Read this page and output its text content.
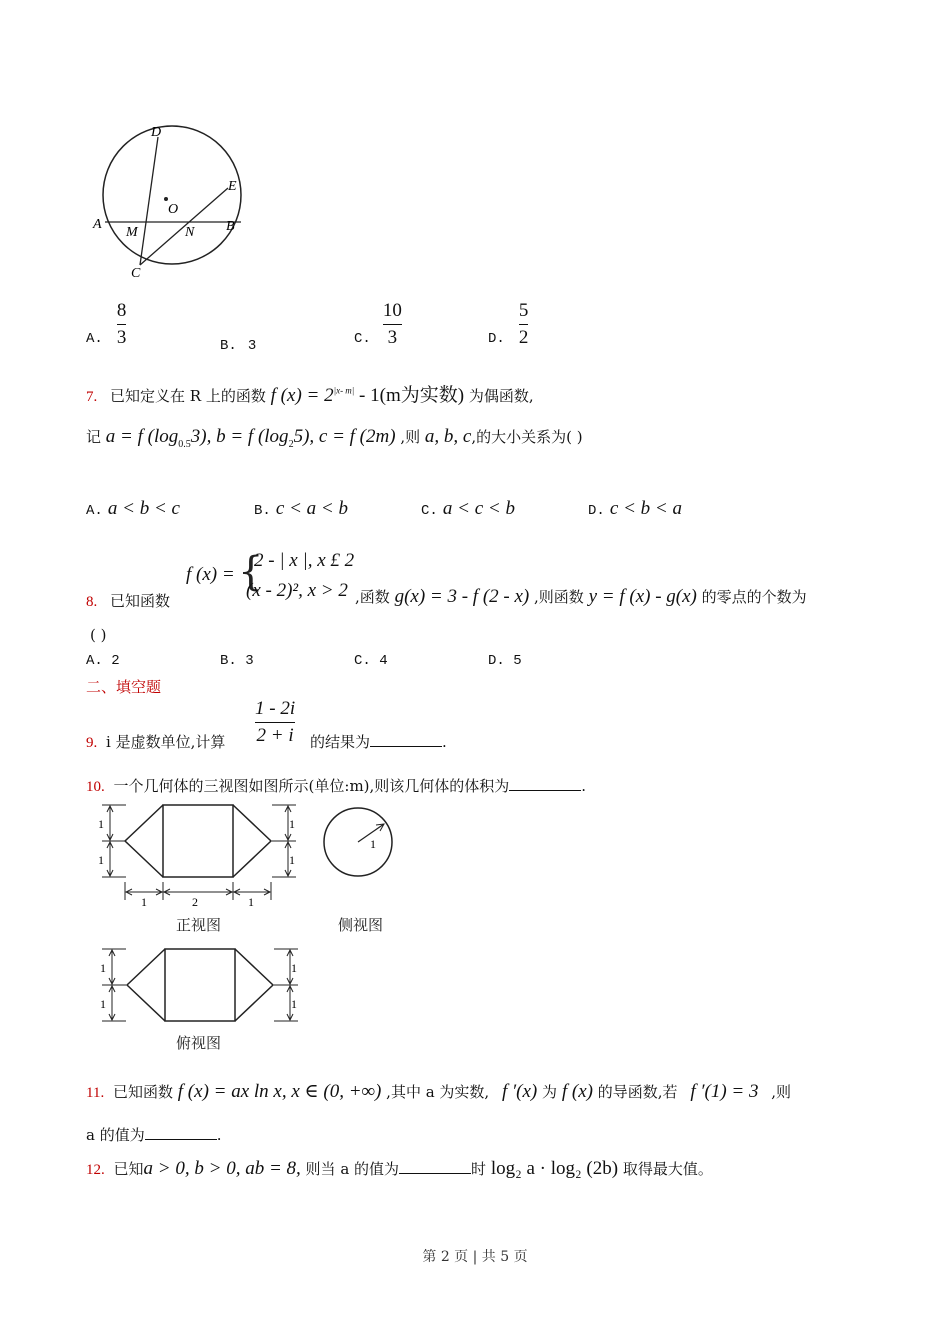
D
O
E
A
M	N B
C
A. $\frac{8}{3}$	B. 3	C. $\frac{10}{3}$	D. $\frac{5}{2}$
7. 已知定义在 R 上的函数 f $(x) = 2^{|x- m|} - 1(m$为实数) 为偶函数,
记 a = f $(\log_{0.5}3)$, b = f $(\log_25)$, c = f (2m) ,则 a, b, c,的大小关系为( )
A. a < b < c	B. c < a < b	C. a < c < b	D. c < b < a
8. 已知函数
f (x) = {
2 - | x |, x £ 2
(x - 2)², x > 2 ,函数 g(x) = 3 - f (2 - x) ,则函数 y = f (x) - g(x) 的零点的个数为
( )
A. 2	B. 3	C. 4	D. 5
二、填空题
9. i 是虚数单位,计算
1 - 2i
2 + i 的结果为	.
10. 一个几何体的三视图如图所示(单位:m),则该几何体的体积为	.
1
1
1
1
1	2	1
正视图
1
侧视图
1
1
1
1
俯视图
11. 已知函数 f (x) = ax ln x, x ∈ (0, +∞) ,其中 a 为实数, f ′(x) 为 f (x) 的导函数,若 f ′(1) = 3 ,则
a 的值为	.
12. 已知a > 0, b > 0, ab = 8, 则当 a 的值为	时 log₂ a · log₂ (2b) 取得最大值。
第 2 页 | 共 5 页
